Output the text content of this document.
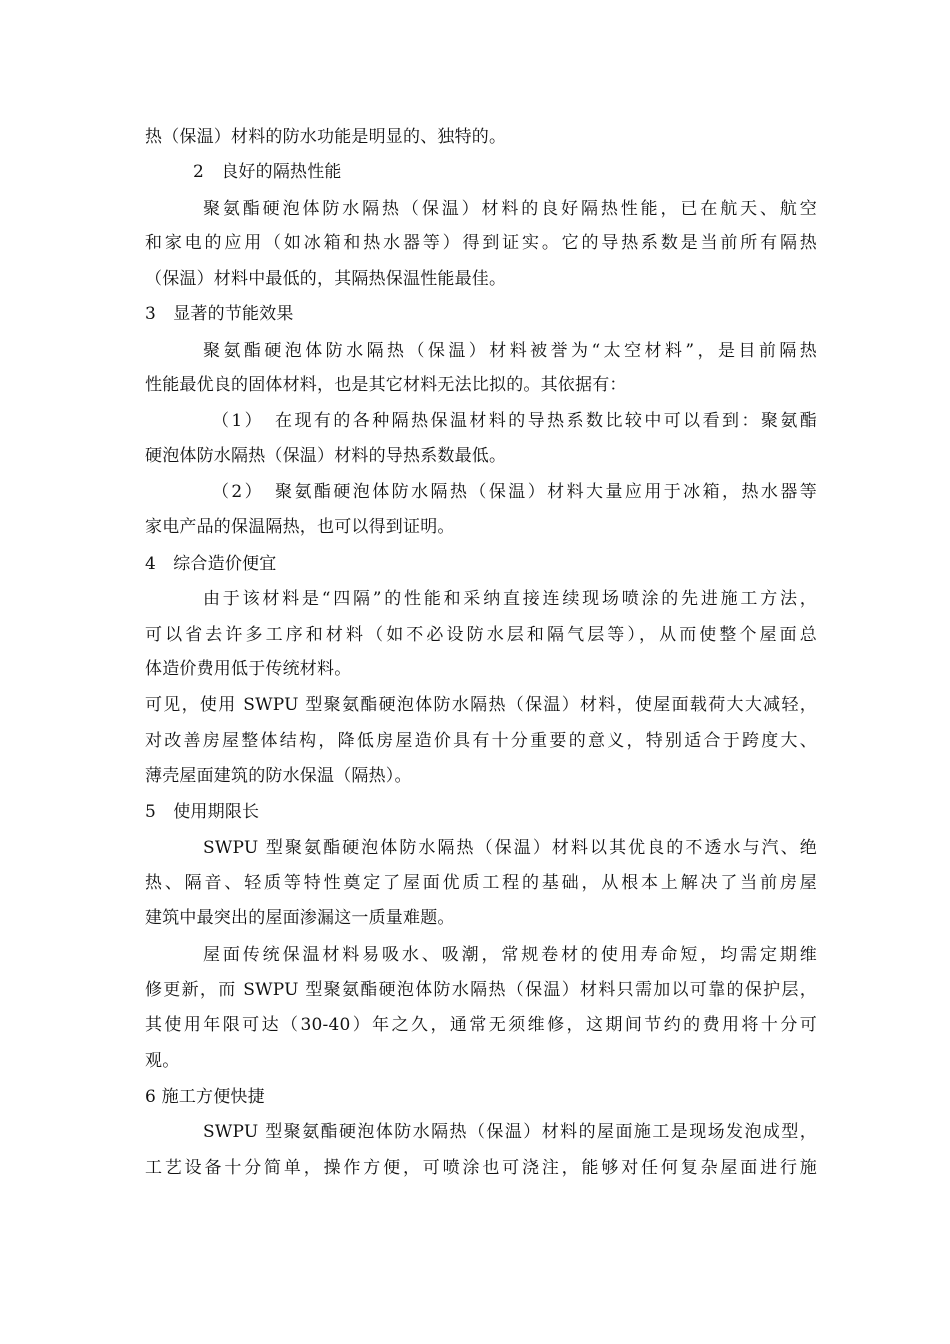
热（保温）材料的防水功能是明显的、独特的。
2　良好的隔热性能
聚氨酯硬泡体防水隔热（保温）材料的良好隔热性能，已在航天、航空
和家电的应用（如冰箱和热水器等）得到证实。它的导热系数是当前所有隔热
（保温）材料中最低的，其隔热保温性能最佳。
3　显著的节能效果
聚氨酯硬泡体防水隔热（保温）材料被誉为“太空材料”，是目前隔热
性能最优良的固体材料，也是其它材料无法比拟的。其依据有：
（1）　在现有的各种隔热保温材料的导热系数比较中可以看到：聚氨酯
硬泡体防水隔热（保温）材料的导热系数最低。
（2）　聚氨酯硬泡体防水隔热（保温）材料大量应用于冰箱，热水器等
家电产品的保温隔热，也可以得到证明。
4　综合造价便宜
由于该材料是“四隔”的性能和采纳直接连续现场喷涂的先进施工方法，
可以省去许多工序和材料（如不必设防水层和隔气层等），从而使整个屋面总
体造价费用低于传统材料。
可见，使用 SWPU 型聚氨酯硬泡体防水隔热（保温）材料，使屋面载荷大大减轻，
对改善房屋整体结构，降低房屋造价具有十分重要的意义，特别适合于跨度大、
薄壳屋面建筑的防水保温（隔热）。
5　使用期限长
SWPU 型聚氨酯硬泡体防水隔热（保温）材料以其优良的不透水与汽、绝
热、隔音、轻质等特性奠定了屋面优质工程的基础，从根本上解决了当前房屋
建筑中最突出的屋面渗漏这一质量难题。
屋面传统保温材料易吸水、吸潮，常规卷材的使用寿命短，均需定期维
修更新，而 SWPU 型聚氨酯硬泡体防水隔热（保温）材料只需加以可靠的保护层，
其使用年限可达（30-40）年之久，通常无须维修，这期间节约的费用将十分可
观。
6 施工方便快捷
SWPU 型聚氨酯硬泡体防水隔热（保温）材料的屋面施工是现场发泡成型，
工艺设备十分简单，操作方便，可喷涂也可浇注，能够对任何复杂屋面进行施
